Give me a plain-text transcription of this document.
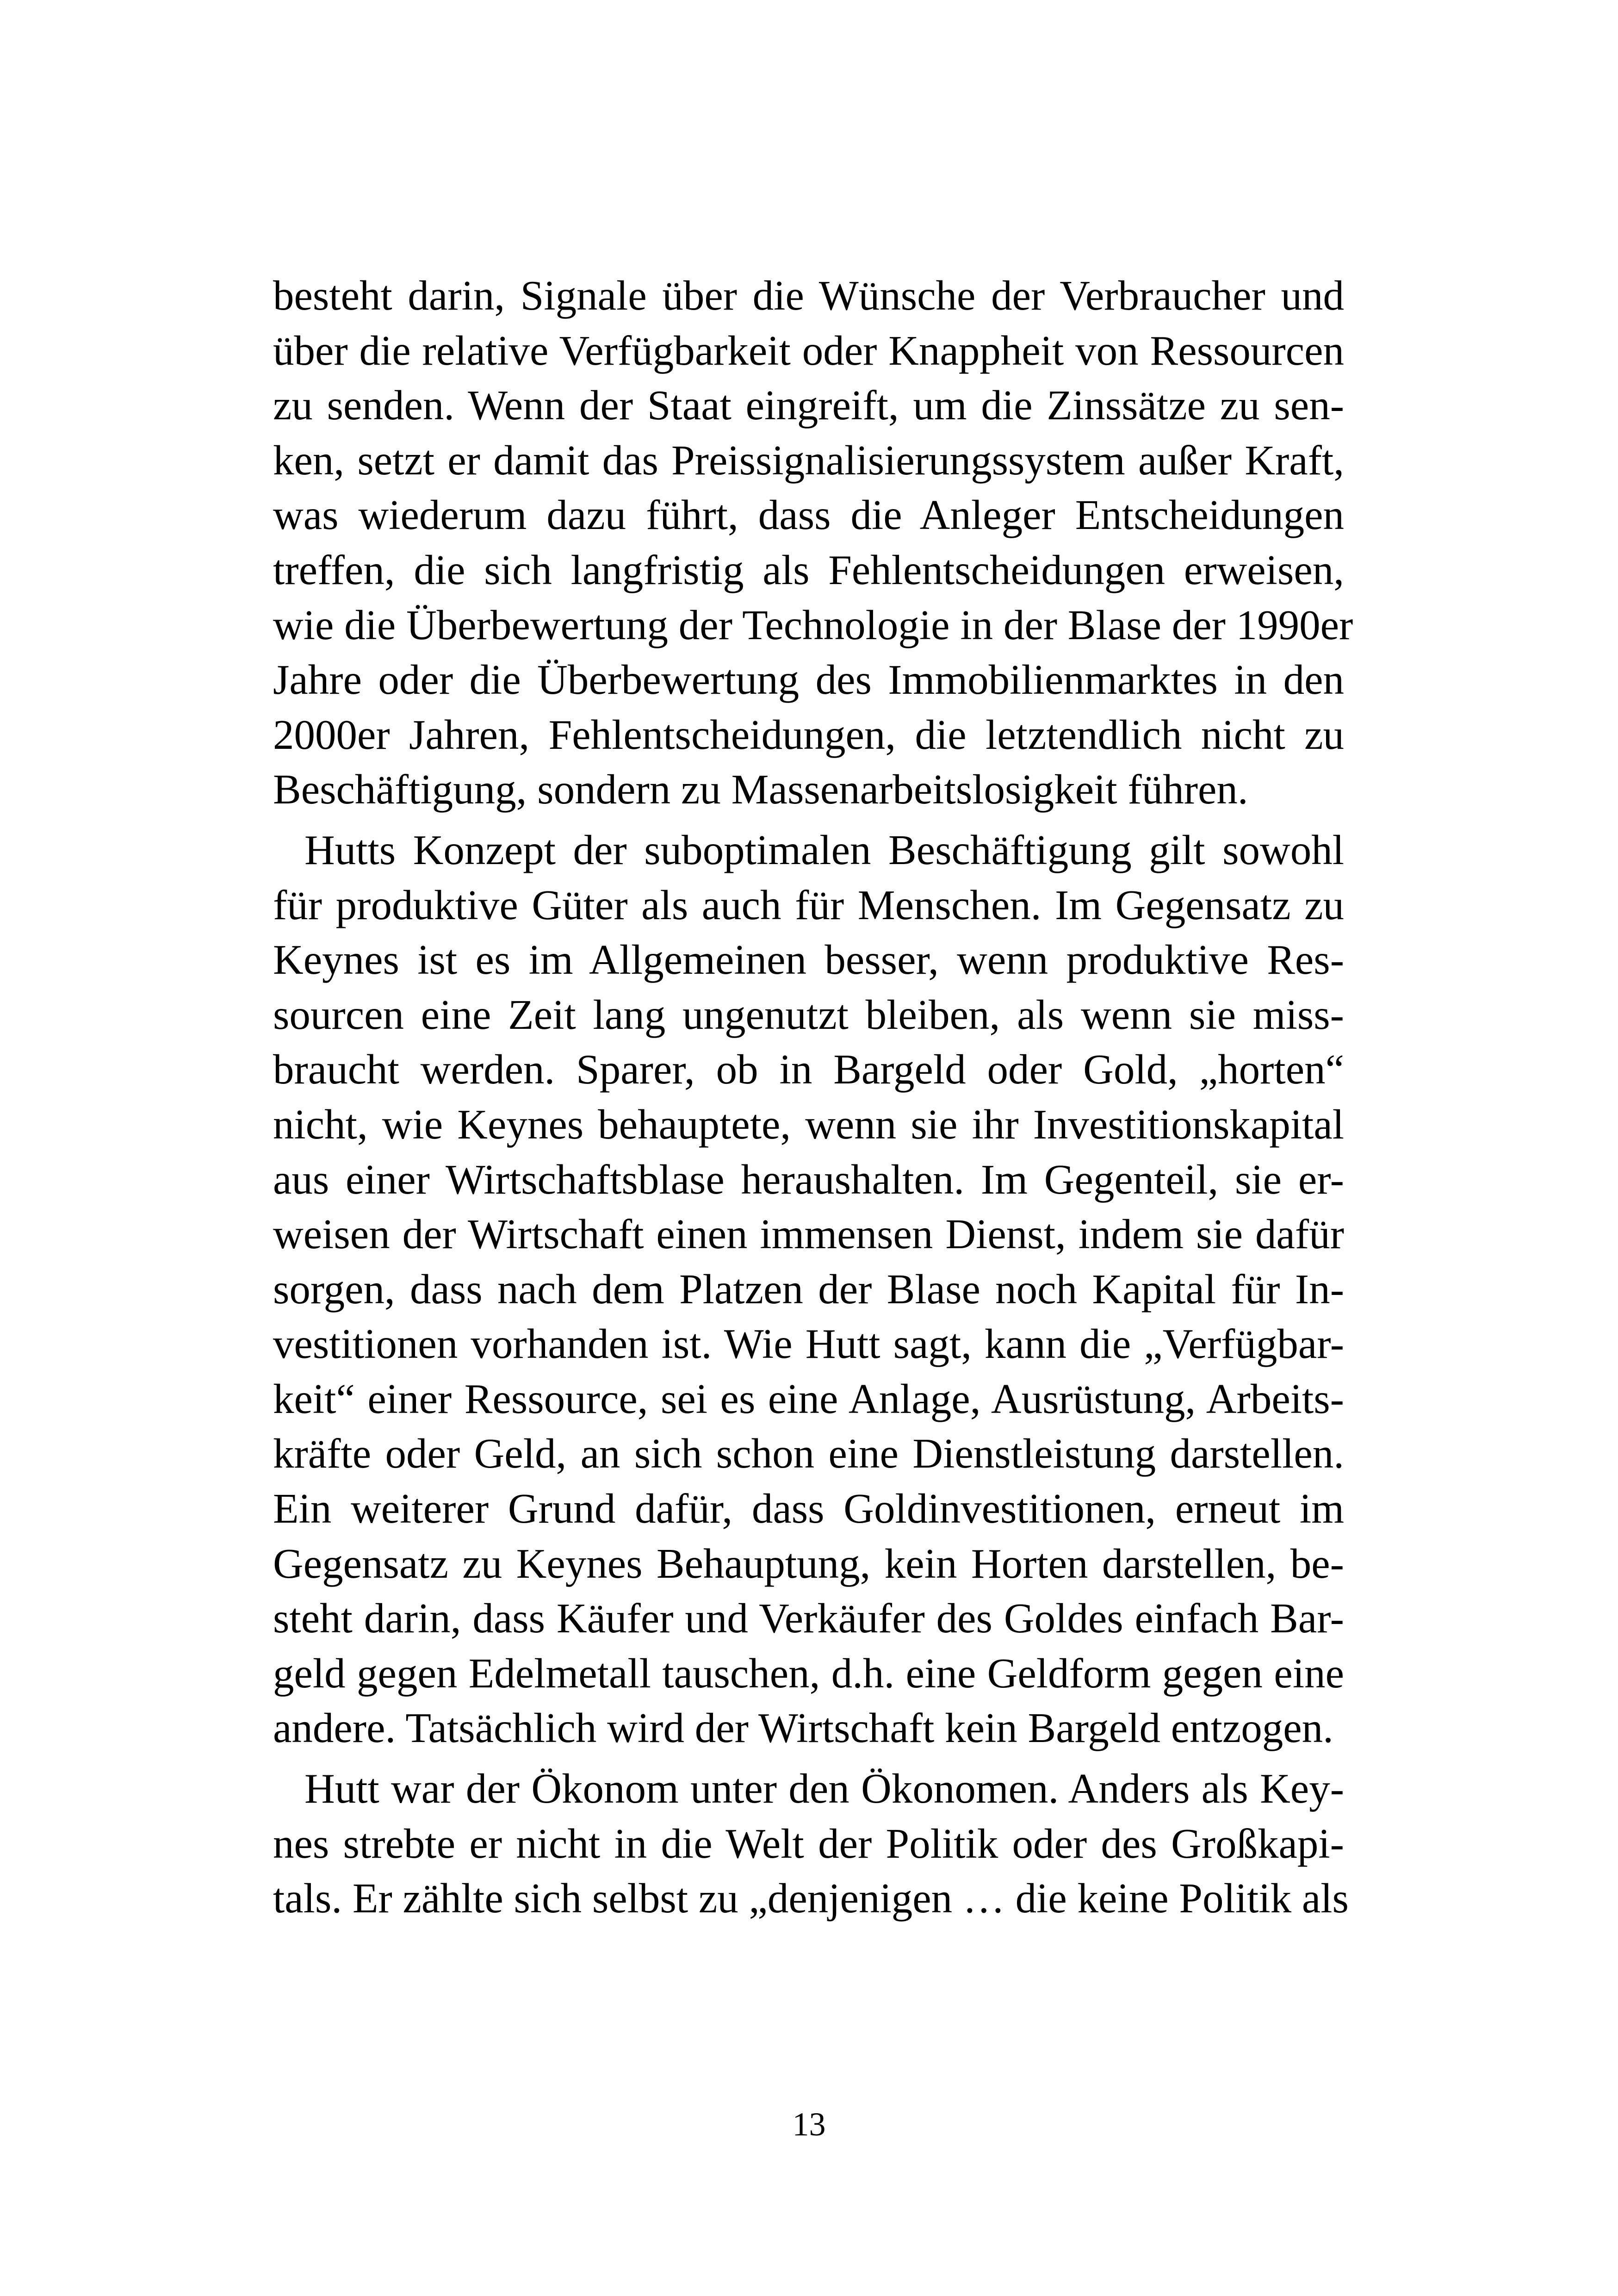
besteht darin, Signale über die Wünsche der Verbraucher und
über die relative Verfügbarkeit oder Knappheit von Ressourcen
zu senden. Wenn der Staat eingreift, um die Zinssätze zu sen-
ken, setzt er damit das Preissignalisierungssystem außer Kraft,
was wiederum dazu führt, dass die Anleger Entscheidungen
treffen, die sich langfristig als Fehlentscheidungen erweisen,
wie die Überbewertung der Technologie in der Blase der 1990er
Jahre oder die Überbewertung des Immobilienmarktes in den
2000er Jahren, Fehlentscheidungen, die letztendlich nicht zu
Beschäftigung, sondern zu Massenarbeitslosigkeit führen.
Hutts Konzept der suboptimalen Beschäftigung gilt sowohl
für produktive Güter als auch für Menschen. Im Gegensatz zu
Keynes ist es im Allgemeinen besser, wenn produktive Res-
sourcen eine Zeit lang ungenutzt bleiben, als wenn sie miss-
braucht werden. Sparer, ob in Bargeld oder Gold, „horten“
nicht, wie Keynes behauptete, wenn sie ihr Investitionskapital
aus einer Wirtschaftsblase heraushalten. Im Gegenteil, sie er-
weisen der Wirtschaft einen immensen Dienst, indem sie dafür
sorgen, dass nach dem Platzen der Blase noch Kapital für In-
vestitionen vorhanden ist. Wie Hutt sagt, kann die „Verfügbar-
keit“ einer Ressource, sei es eine Anlage, Ausrüstung, Arbeits-
kräfte oder Geld, an sich schon eine Dienstleistung darstellen.
Ein weiterer Grund dafür, dass Goldinvestitionen, erneut im
Gegensatz zu Keynes Behauptung, kein Horten darstellen, be-
steht darin, dass Käufer und Verkäufer des Goldes einfach Bar-
geld gegen Edelmetall tauschen, d.h. eine Geldform gegen eine
andere. Tatsächlich wird der Wirtschaft kein Bargeld entzogen.
Hutt war der Ökonom unter den Ökonomen. Anders als Key-
nes strebte er nicht in die Welt der Politik oder des Großkapi-
tals. Er zählte sich selbst zu „denjenigen … die keine Politik als
13
